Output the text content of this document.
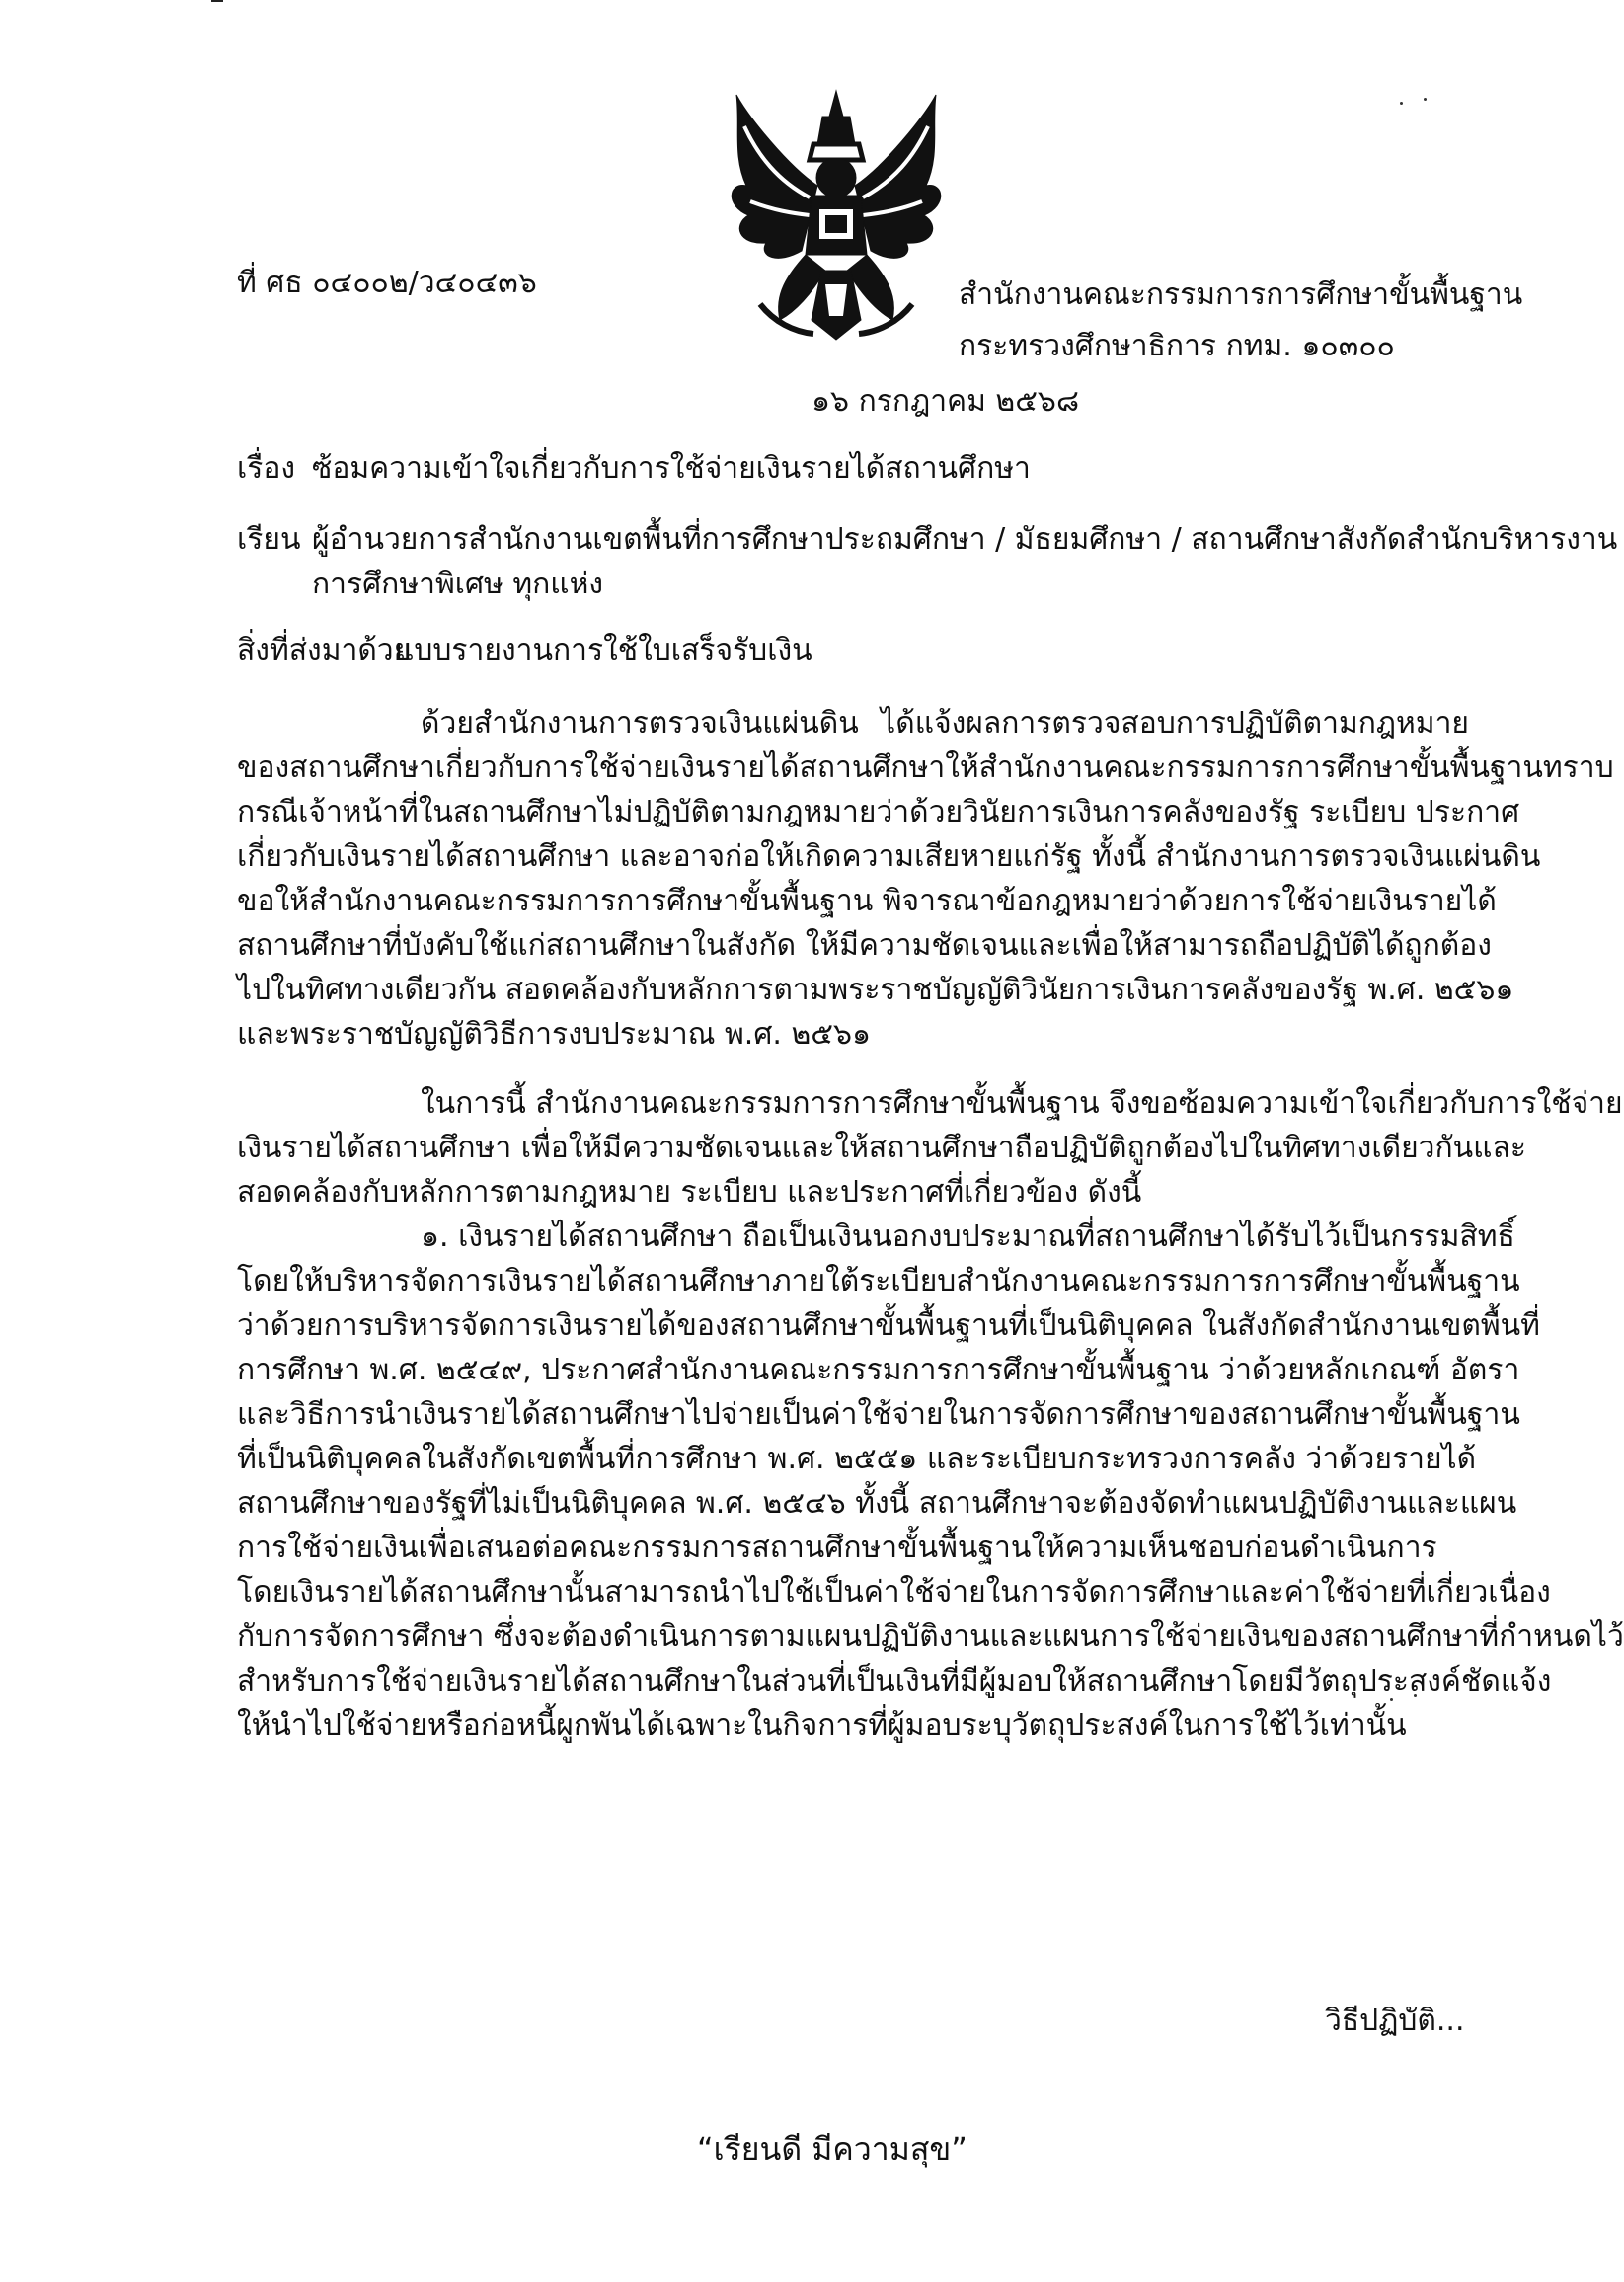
ที่ ศธ ๐๔๐๐๒/ว๔๐๔๓๖	สำนักงานคณะกรรมการการศึกษาขั้นพื้นฐาน
กระทรวงศึกษาธิการ กทม. ๑๐๓๐๐
๑๖ กรกฎาคม ๒๕๖๘
เรื่อง ซ้อมความเข้าใจเกี่ยวกับการใช้จ่ายเงินรายได้สถานศึกษา
เรียน ผู้อำนวยการสำนักงานเขตพื้นที่การศึกษาประถมศึกษา / มัธยมศึกษา / สถานศึกษาสังกัดสำนักบริหารงาน
การศึกษาพิเศษ ทุกแห่ง
สิ่งที่ส่งมาด้วย
แบบรายงานการใช้ใบเสร็จรับเงิน
ด้วยสำนักงานการตรวจเงินแผ่นดิน ได้แจ้งผลการตรวจสอบการปฏิบัติตามกฎหมาย
ของสถานศึกษาเกี่ยวกับการใช้จ่ายเงินรายได้สถานศึกษาให้สำนักงานคณะกรรมการการศึกษาขั้นพื้นฐานทราบ
กรณีเจ้าหน้าที่ในสถานศึกษาไม่ปฏิบัติตามกฎหมายว่าด้วยวินัยการเงินการคลังของรัฐ ระเบียบ ประกาศ
เกี่ยวกับเงินรายได้สถานศึกษา และอาจก่อให้เกิดความเสียหายแก่รัฐ ทั้งนี้ สำนักงานการตรวจเงินแผ่นดิน
ขอให้สำนักงานคณะกรรมการการศึกษาขั้นพื้นฐาน พิจารณาข้อกฎหมายว่าด้วยการใช้จ่ายเงินรายได้
สถานศึกษาที่บังคับใช้แก่สถานศึกษาในสังกัด ให้มีความชัดเจนและเพื่อให้สามารถถือปฏิบัติได้ถูกต้อง
ไปในทิศทางเดียวกัน สอดคล้องกับหลักการตามพระราชบัญญัติวินัยการเงินการคลังของรัฐ พ.ศ. ๒๕๖๑
และพระราชบัญญัติวิธีการงบประมาณ พ.ศ. ๒๕๖๑
ในการนี้ สำนักงานคณะกรรมการการศึกษาขั้นพื้นฐาน จึงขอซ้อมความเข้าใจเกี่ยวกับการใช้จ่าย
เงินรายได้สถานศึกษา เพื่อให้มีความชัดเจนและให้สถานศึกษาถือปฏิบัติถูกต้องไปในทิศทางเดียวกันและ
สอดคล้องกับหลักการตามกฎหมาย ระเบียบ และประกาศที่เกี่ยวข้อง ดังนี้
๑. เงินรายได้สถานศึกษา ถือเป็นเงินนอกงบประมาณที่สถานศึกษาได้รับไว้เป็นกรรมสิทธิ์
โดยให้บริหารจัดการเงินรายได้สถานศึกษาภายใต้ระเบียบสำนักงานคณะกรรมการการศึกษาขั้นพื้นฐาน
ว่าด้วยการบริหารจัดการเงินรายได้ของสถานศึกษาขั้นพื้นฐานที่เป็นนิติบุคคล ในสังกัดสำนักงานเขตพื้นที่
การศึกษา พ.ศ. ๒๕๔๙, ประกาศสำนักงานคณะกรรมการการศึกษาขั้นพื้นฐาน ว่าด้วยหลักเกณฑ์ อัตรา
และวิธีการนำเงินรายได้สถานศึกษาไปจ่ายเป็นค่าใช้จ่ายในการจัดการศึกษาของสถานศึกษาขั้นพื้นฐาน
ที่เป็นนิติบุคคลในสังกัดเขตพื้นที่การศึกษา พ.ศ. ๒๕๕๑ และระเบียบกระทรวงการคลัง ว่าด้วยรายได้
สถานศึกษาของรัฐที่ไม่เป็นนิติบุคคล พ.ศ. ๒๕๔๖ ทั้งนี้ สถานศึกษาจะต้องจัดทำแผนปฏิบัติงานและแผน
การใช้จ่ายเงินเพื่อเสนอต่อคณะกรรมการสถานศึกษาขั้นพื้นฐานให้ความเห็นชอบก่อนดำเนินการ
โดยเงินรายได้สถานศึกษานั้นสามารถนำไปใช้เป็นค่าใช้จ่ายในการจัดการศึกษาและค่าใช้จ่ายที่เกี่ยวเนื่อง
กับการจัดการศึกษา ซึ่งจะต้องดำเนินการตามแผนปฏิบัติงานและแผนการใช้จ่ายเงินของสถานศึกษาที่กำหนดไว้
สำหรับการใช้จ่ายเงินรายได้สถานศึกษาในส่วนที่เป็นเงินที่มีผู้มอบให้สถานศึกษาโดยมีวัตถุประสงค์ชัดแจ้ง
ให้นำไปใช้จ่ายหรือก่อหนี้ผูกพันได้เฉพาะในกิจการที่ผู้มอบระบุวัตถุประสงค์ในการใช้ไว้เท่านั้น
วิธีปฏิบัติ...
“เรียนดี มีความสุข”
